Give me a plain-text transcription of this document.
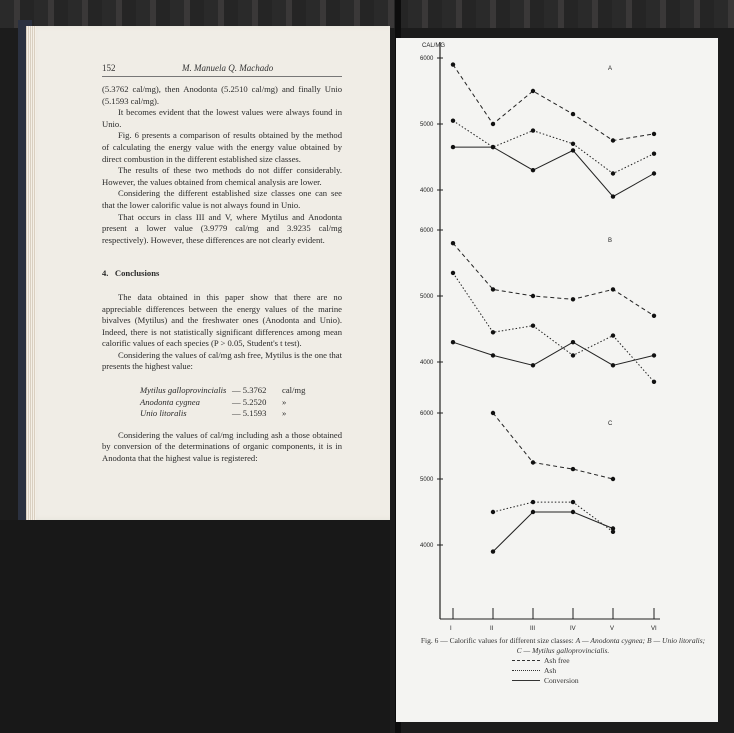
152	M. Manuela Q. Machado

(5.3762 cal/mg), then Anodonta (5.2510 cal/mg) and finally Unio (5.1593 cal/mg).

It becomes evident that the lowest values were always found in Unio.

Fig. 6 presents a comparison of results obtained by the method of calculating the energy value with the energy value obtained by direct combustion in the different established size classes.

The results of these two methods do not differ considerably. However, the values obtained from chemical analysis are lower.

Considering the different established size classes one can see that the lower calorific value is not always found in Unio.

That occurs in class III and V, where Mytilus and Anodonta present a lower value (3.9779 cal/mg and 3.9235 cal/mg respectively). However, these differences are not clearly evident.

4. Conclusions

The data obtained in this paper show that there are no appreciable differences between the energy values of the marine bivalves (Mytilus) and the freshwater ones (Anodonta and Unio). Indeed, there is not statistically significant differences among mean calorific values of each species (P > 0.05, Student's t test).

Considering the values of cal/mg ash free, Mytilus is the one that presents the highest value:

Mytilus galloprovincialis — 5.3762	cal/mg
Anodonta cygnea	— 5.2520	»
Unio litoralis	— 5.1593	»

Considering the values of cal/mg including ash a those obtained by conversion of the determinations of organic components, it is in Anodonta that the highest value is registered:

CAL/MG
I	II	III	IV	V	VI
A
6000
5000
4000
B
6000
5000
4000
C
6000
5000
4000
Fig. 6 — Calorific values for different size classes: A — Anodonta cygnea; B — Unio litoralis; C — Mytilus galloprovincialis.
Ash free
Ash
Conversion
